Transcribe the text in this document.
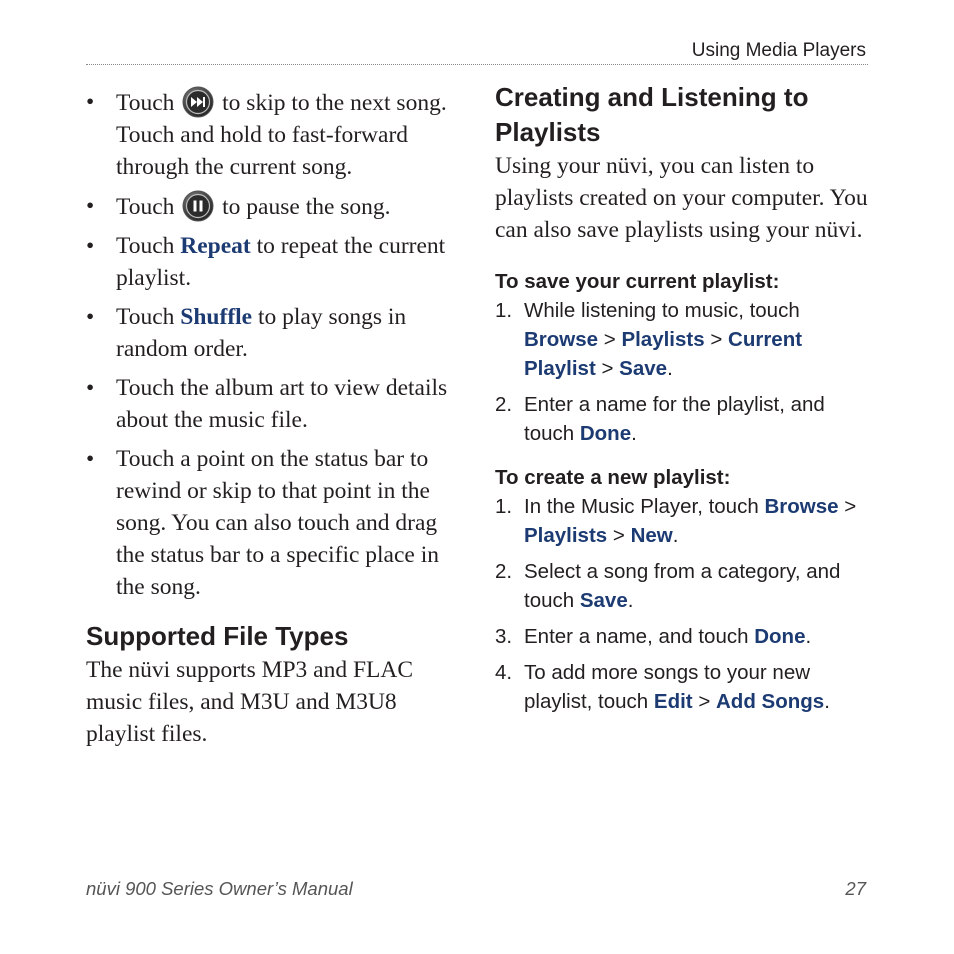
Using Media Players
• Touch  to skip to the next song. Touch and hold to fast-forward through the current song.
• Touch  to pause the song.
• Touch Repeat to repeat the current playlist.
• Touch Shuffle to play songs in random order.
• Touch the album art to view details about the music file.
• Touch a point on the status bar to rewind or skip to that point in the song. You can also touch and drag the status bar to a specific place in the song.
Supported File Types

The nüvi supports MP3 and FLAC music files, and M3U and M3U8 playlist files.

Creating and Listening to Playlists

Using your nüvi, you can listen to playlists created on your computer. You can also save playlists using your nüvi.

To save your current playlist:

1. While listening to music, touch Browse > Playlists > Current Playlist > Save.
2. Enter a name for the playlist, and touch Done.

To create a new playlist:

1. In the Music Player, touch Browse > Playlists > New.
2. Select a song from a category, and touch Save.
3. Enter a name, and touch Done.
4. To add more songs to your new playlist, touch Edit > Add Songs.
nüvi 900 Series Owner’s Manual	27
